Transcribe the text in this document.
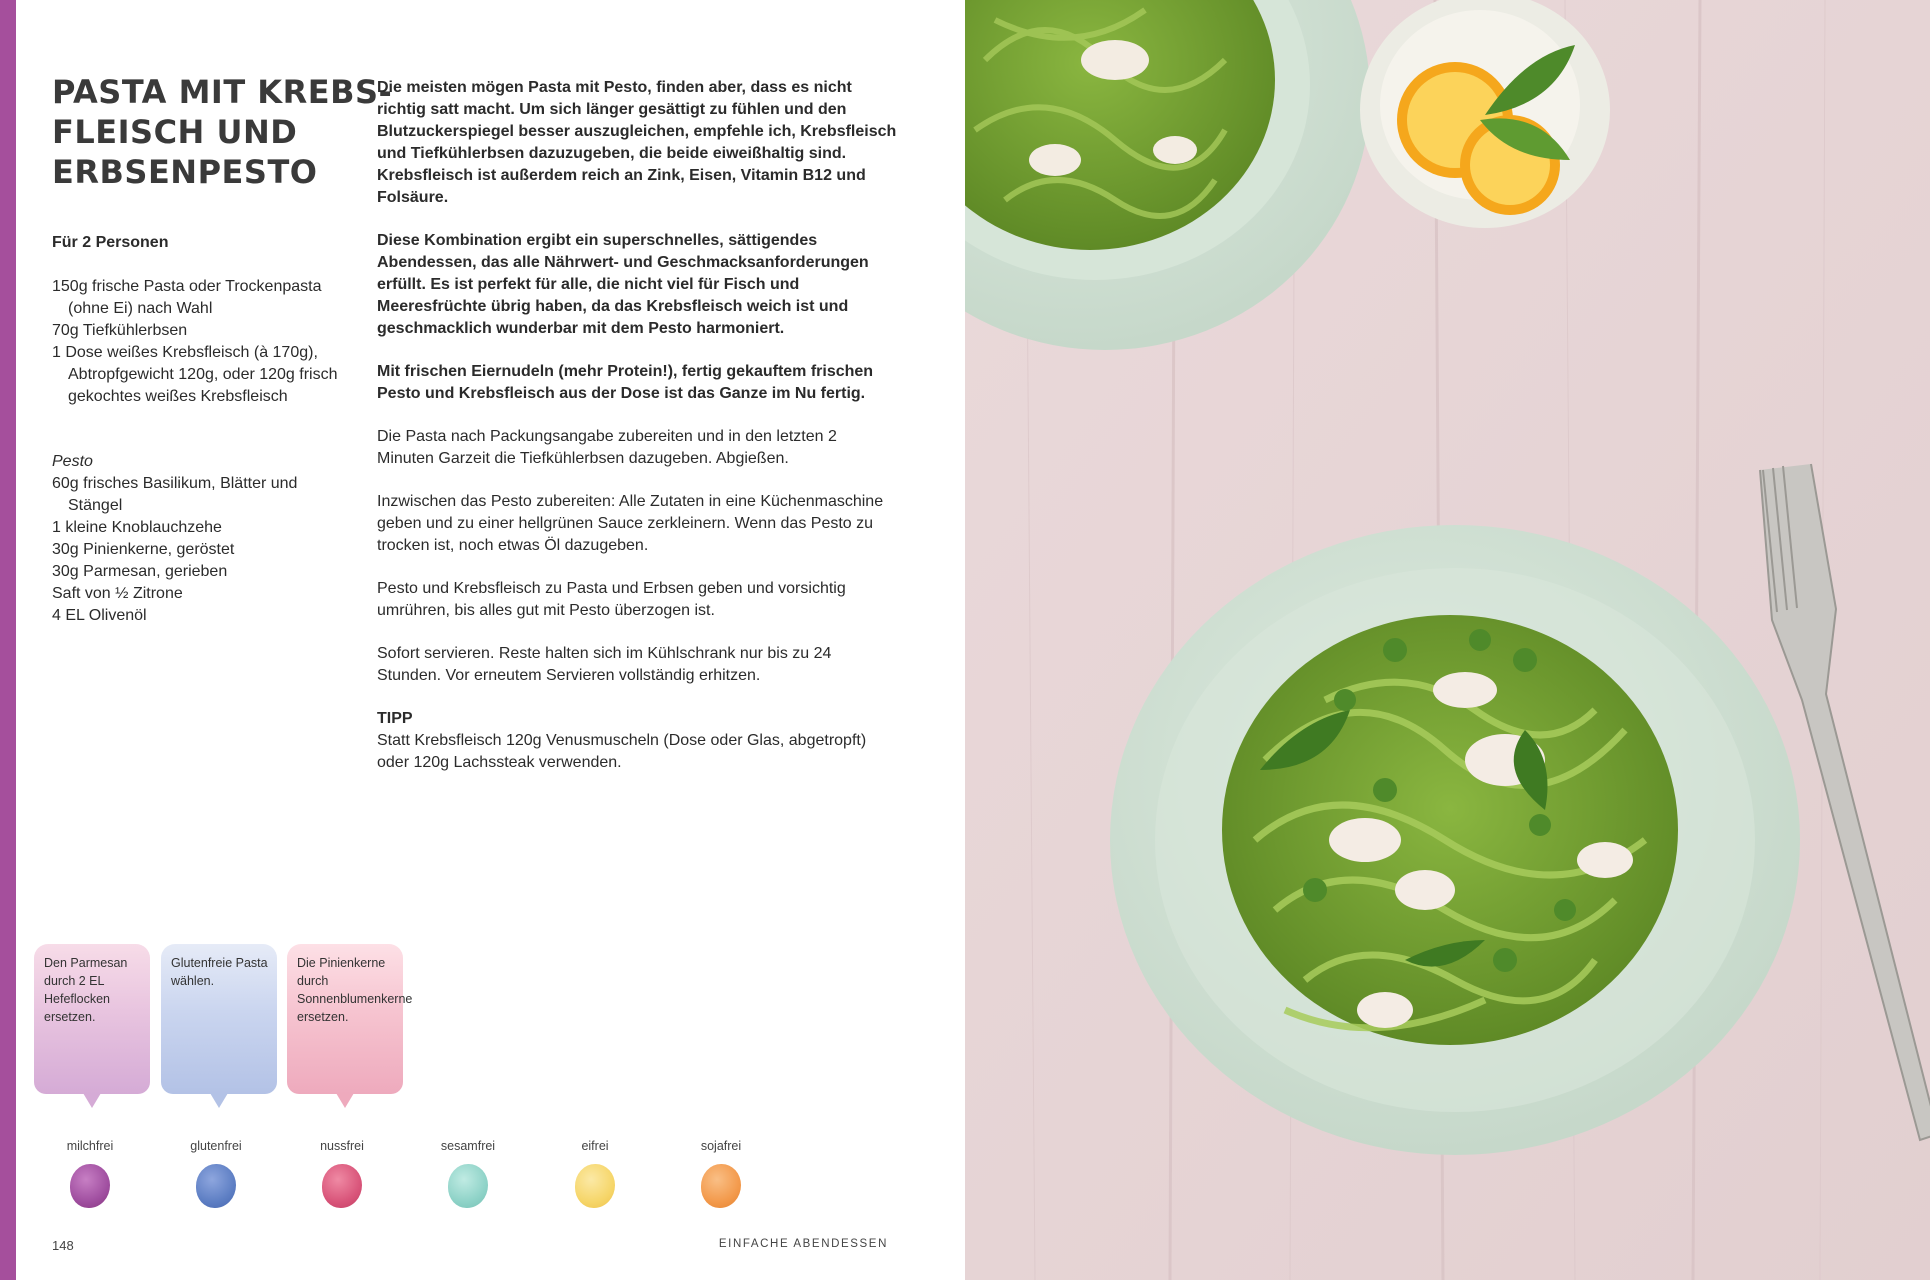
PASTA MIT KREBS-
FLEISCH UND
ERBSENPESTO

Für 2 Personen

150g frische Pasta oder Trockenpasta (ohne Ei) nach Wahl
70g Tiefkühlerbsen
1 Dose weißes Krebsfleisch (à 170g), Abtropfgewicht 120g, oder 120g frisch gekochtes weißes Krebsfleisch
Pesto
60g frisches Basilikum, Blätter und Stängel
1 kleine Knoblauchzehe
30g Pinienkerne, geröstet
30g Parmesan, gerieben
Saft von ½ Zitrone
4 EL Olivenöl

Die meisten mögen Pasta mit Pesto, finden aber, dass es nicht richtig satt macht. Um sich länger gesättigt zu fühlen und den Blutzuckerspiegel besser auszugleichen, empfehle ich, Krebsfleisch und Tiefkühlerbsen dazuzugeben, die beide eiweißhaltig sind. Krebsfleisch ist außerdem reich an Zink, Eisen, Vitamin B12 und Folsäure.

Diese Kombination ergibt ein superschnelles, sättigendes Abendessen, das alle Nährwert- und Geschmacksanforderungen erfüllt. Es ist perfekt für alle, die nicht viel für Fisch und Meeresfrüchte übrig haben, da das Krebsfleisch weich ist und geschmacklich wunderbar mit dem Pesto harmoniert.

Mit frischen Eiernudeln (mehr Protein!), fertig gekauftem frischen Pesto und Krebsfleisch aus der Dose ist das Ganze im Nu fertig.

Die Pasta nach Packungsangabe zubereiten und in den letzten 2 Minuten Garzeit die Tiefkühlerbsen dazugeben. Abgießen.

Inzwischen das Pesto zubereiten: Alle Zutaten in eine Küchenmaschine geben und zu einer hellgrünen Sauce zerkleinern. Wenn das Pesto zu trocken ist, noch etwas Öl dazugeben.

Pesto und Krebsfleisch zu Pasta und Erbsen geben und vorsichtig umrühren, bis alles gut mit Pesto überzogen ist.

Sofort servieren. Reste halten sich im Kühlschrank nur bis zu 24 Stunden. Vor erneutem Servieren vollständig erhitzen.

TIPP

Statt Krebsfleisch 120g Venusmuscheln (Dose oder Glas, abgetropft) oder 120g Lachssteak verwenden.

Den Parmesan durch 2 EL Hefeflocken ersetzen.
Glutenfreie Pasta wählen.
Die Pinienkerne durch Sonnenblumenkerne ersetzen.
milchfrei	glutenfrei	nussfrei	sesamfrei	eifrei	sojafrei
148	EINFACHE ABENDESSEN
